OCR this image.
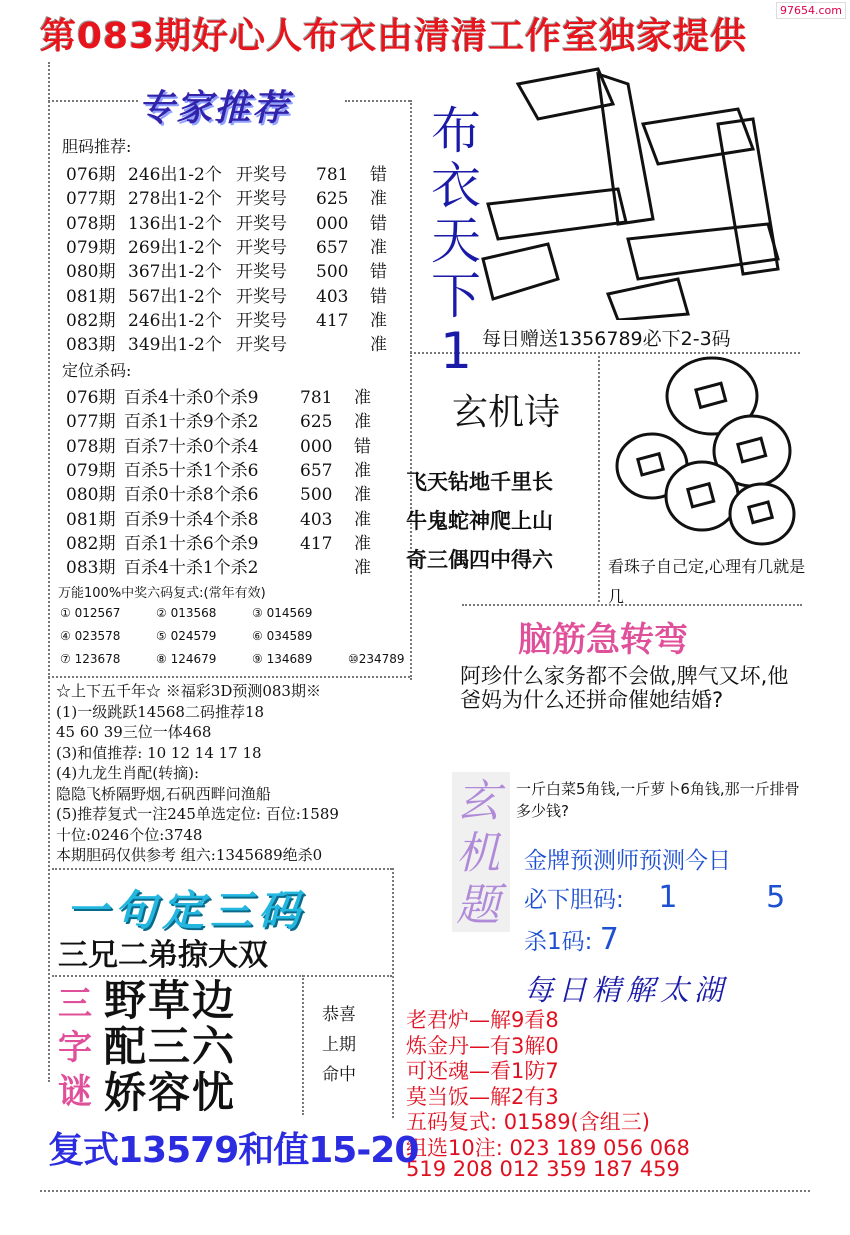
97654.com
第083期好心人布衣由清清工作室独家提供
专家推荐
胆码推荐:
076期 246出1-2个 开奖号 781 错
077期 278出1-2个 开奖号 625 准
078期 136出1-2个 开奖号 000 错
079期 269出1-2个 开奖号 657 准
080期 367出1-2个 开奖号 500 错
081期 567出1-2个 开奖号 403 错
082期 246出1-2个 开奖号 417 准
083期 349出1-2个 开奖号	准
定位杀码:
076期 百杀4十杀0个杀9 781 准
077期 百杀1十杀9个杀2 625 准
078期 百杀7十杀0个杀4 000 错
079期 百杀5十杀1个杀6 657 准
080期 百杀0十杀8个杀6 500 准
081期 百杀9十杀4个杀8 403 准
082期 百杀1十杀6个杀9 417 准
083期 百杀4十杀1个杀2	准
万能100%中奖六码复式:(常年有效)
① 012567	② 013568	③ 014569
④ 023578	⑤ 024579	⑥ 034589
⑦ 123678	⑧ 124679	⑨ 134689	⑩234789
☆上下五千年☆ ※福彩3D预测083期※
(1)一级跳跃14568二码推荐18
45 60 39三位一体468
(3)和值推荐: 10 12 14 17 18
(4)九龙生肖配(转摘):
隐隐飞桥隔野烟,石矾西畔问渔船
(5)推荐复式一注245单选定位: 百位:1589
十位:0246个位:3748
本期胆码仅供参考 组六:1345689绝杀0
布
衣
天
下
1 每日赠送1356789必下2-3码
玄机诗
飞天钻地千里长
牛鬼蛇神爬上山
奇三偶四中得六	看珠子自己定,心理有几就是几
脑筋急转弯
阿珍什么家务都不会做,脾气又坏,他爸妈为什么还拼命催她结婚?
玄
机
题
一斤白菜5角钱,一斤萝卜6角钱,那一斤排骨多少钱?
金牌预测师预测今日
必下胆码: 1	5
杀1码: 7
每日精解太湖
老君炉—解9看8
炼金丹—有3解0
可还魂—看1防7
莫当饭—解2有3
五码复式: 01589(含组三)
组选10注: 023 189 056 068
519 208 012 359 187 459
一句定三码
三兄二弟掠大双
三
字
谜
野草边
配三六
娇容忧
恭喜
上期
命中
复式13579和值15-20
